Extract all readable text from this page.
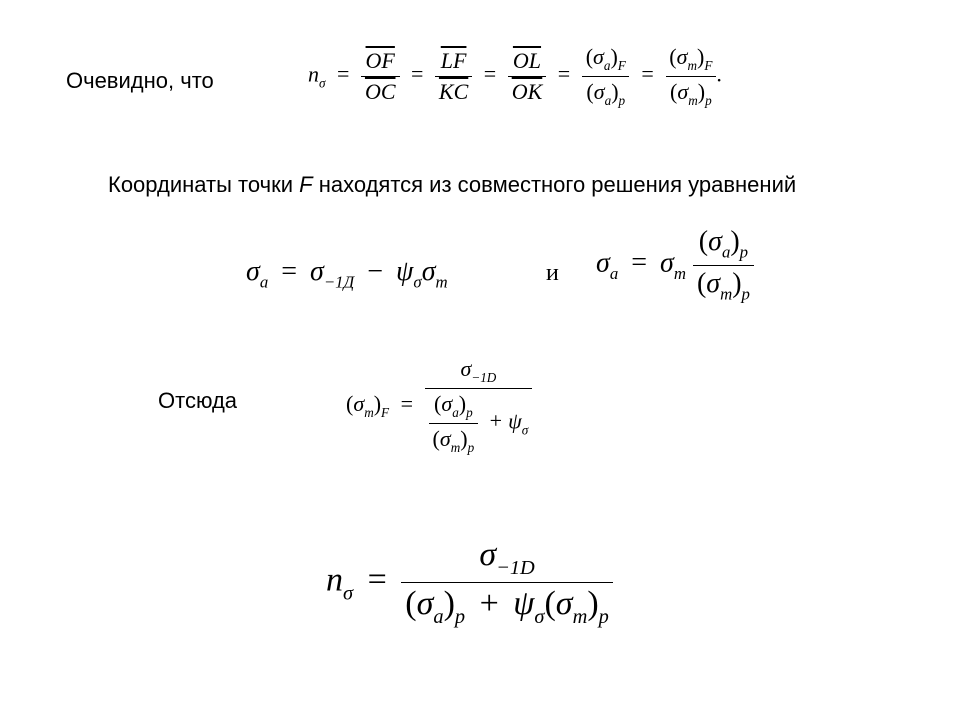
Очевидно, что	$n_\sigma = \frac{\overline{OF}}{OC} = \frac{\overline{LF}}{KC} = \frac{\overline{OL}}{OK} = \frac{(\sigma_a)_F}{(\sigma_a)_p} = \frac{(\sigma_m)_F}{(\sigma_m)_p}$ .
Координаты точки F находятся из совместного решения уравнений
$\sigma_a = \sigma_{-1Д} - \psi_\sigma\sigma_m$	и $\sigma_a = \sigma_m \frac{(\sigma_a)_p}{(\sigma_m)_p}$
Отсюда	$(\sigma_m)_F = \frac{\sigma_{-1D}}{\frac{(\sigma_a)_p}{(\sigma_m)_p} + \psi_\sigma}$
$n_\sigma = \frac{\sigma_{-1D}}{(\sigma_a)_p + \psi_\sigma(\sigma_m)_p}$
